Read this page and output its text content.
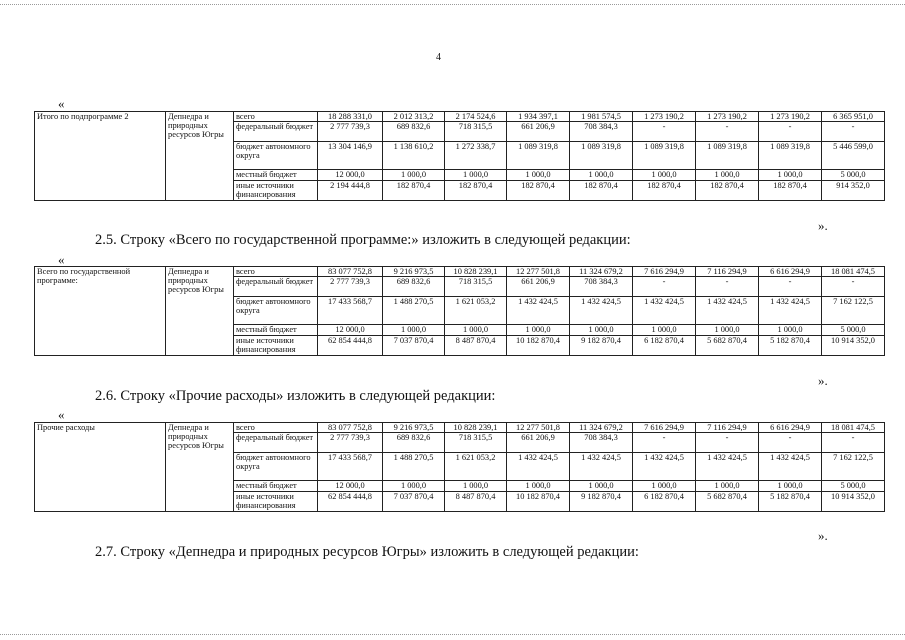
4
«
Итого по подпрограмме 2	Депнедра и природных ресурсов Югры	всего	18 288 331,0	2 012 313,2	2 174 524,6	1 934 397,1	1 981 574,5	1 273 190,2	1 273 190,2	1 273 190,2	6 365 951,0
		федеральный бюджет	2 777 739,3	689 832,6	718 315,5	661 206,9	708 384,3	-	-	-	-
		бюджет автономного округа	13 304 146,9	1 138 610,2	1 272 338,7	1 089 319,8	1 089 319,8	1 089 319,8	1 089 319,8	1 089 319,8	5 446 599,0
		местный бюджет	12 000,0	1 000,0	1 000,0	1 000,0	1 000,0	1 000,0	1 000,0	1 000,0	5 000,0
		иные источники финансирования	2 194 444,8	182 870,4	182 870,4	182 870,4	182 870,4	182 870,4	182 870,4	182 870,4	914 352,0
».
2.5. Строку «Всего по государственной программе:» изложить в следующей редакции:
«
Всего по государственной программе:	Депнедра и природных ресурсов Югры	всего	83 077 752,8	9 216 973,5	10 828 239,1	12 277 501,8	11 324 679,2	7 616 294,9	7 116 294,9	6 616 294,9	18 081 474,5
		федеральный бюджет	2 777 739,3	689 832,6	718 315,5	661 206,9	708 384,3	-	-	-	-
		бюджет автономного округа	17 433 568,7	1 488 270,5	1 621 053,2	1 432 424,5	1 432 424,5	1 432 424,5	1 432 424,5	1 432 424,5	7 162 122,5
		местный бюджет	12 000,0	1 000,0	1 000,0	1 000,0	1 000,0	1 000,0	1 000,0	1 000,0	5 000,0
		иные источники финансирования	62 854 444,8	7 037 870,4	8 487 870,4	10 182 870,4	9 182 870,4	6 182 870,4	5 682 870,4	5 182 870,4	10 914 352,0
».
2.6. Строку «Прочие расходы» изложить в следующей редакции:
«
Прочие расходы	Депнедра и природных ресурсов Югры	всего	83 077 752,8	9 216 973,5	10 828 239,1	12 277 501,8	11 324 679,2	7 616 294,9	7 116 294,9	6 616 294,9	18 081 474,5
		федеральный бюджет	2 777 739,3	689 832,6	718 315,5	661 206,9	708 384,3	-	-	-	-
		бюджет автономного округа	17 433 568,7	1 488 270,5	1 621 053,2	1 432 424,5	1 432 424,5	1 432 424,5	1 432 424,5	1 432 424,5	7 162 122,5
		местный бюджет	12 000,0	1 000,0	1 000,0	1 000,0	1 000,0	1 000,0	1 000,0	1 000,0	5 000,0
		иные источники финансирования	62 854 444,8	7 037 870,4	8 487 870,4	10 182 870,4	9 182 870,4	6 182 870,4	5 682 870,4	5 182 870,4	10 914 352,0
».
2.7. Строку «Депнедра и природных ресурсов Югры» изложить в следующей редакции:
